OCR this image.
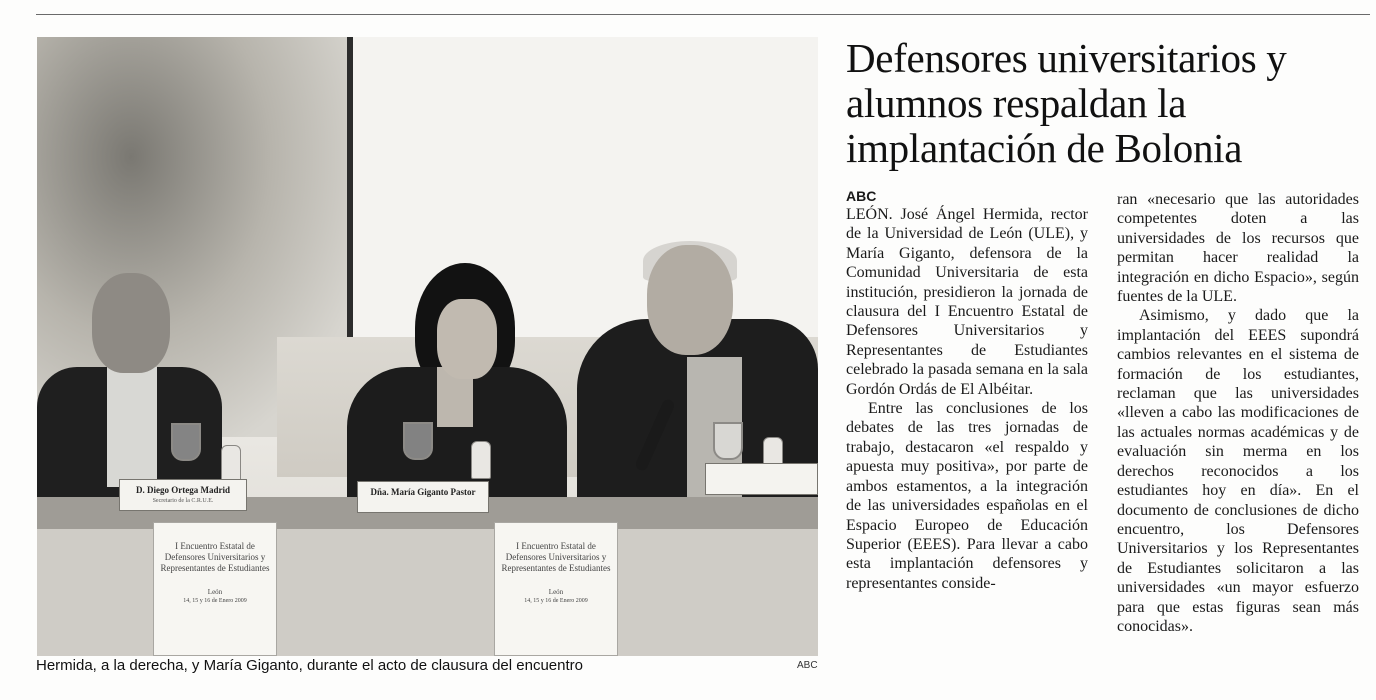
D. Diego Ortega Madrid
Secretario de la C.R.U.E.
Dña. María Giganto Pastor
I Encuentro Estatal de Defensores Universitarios y Representantes de Estudiantes
León
14, 15 y 16 de Enero 2009
I Encuentro Estatal de Defensores Universitarios y Representantes de Estudiantes
León
14, 15 y 16 de Enero 2009
Hermida, a la derecha, y María Giganto, durante el acto de clausura del encuentro	ABC
Defensores universitarios y alumnos respaldan la implantación de Bolonia
ABC

LEÓN. José Ángel Hermida, rector de la Universidad de León (ULE), y María Giganto, defensora de la Comunidad Universitaria de esta institución, presidieron la jornada de clausura del I Encuentro Estatal de Defensores Universitarios y Representantes de Estudiantes celebrado la pasada semana en la sala Gordón Ordás de El Albéitar.

Entre las conclusiones de los debates de las tres jornadas de trabajo, destacaron «el respaldo y apuesta muy positiva», por parte de ambos estamentos, a la integración de las universidades españolas en el Espacio Europeo de Educación Superior (EEES). Para llevar a cabo esta implantación defensores y representantes conside-

ran «necesario que las autoridades competentes doten a las universidades de los recursos que permitan hacer realidad la integración en dicho Espacio», según fuentes de la ULE.

Asimismo, y dado que la implantación del EEES supondrá cambios relevantes en el sistema de formación de los estudiantes, reclaman que las universidades «lleven a cabo las modificaciones de las actuales normas académicas y de evaluación sin merma en los derechos reconocidos a los estudiantes hoy en día». En el documento de conclusiones de dicho encuentro, los Defensores Universitarios y los Representantes de Estudiantes solicitaron a las universidades «un mayor esfuerzo para que estas figuras sean más conocidas».
